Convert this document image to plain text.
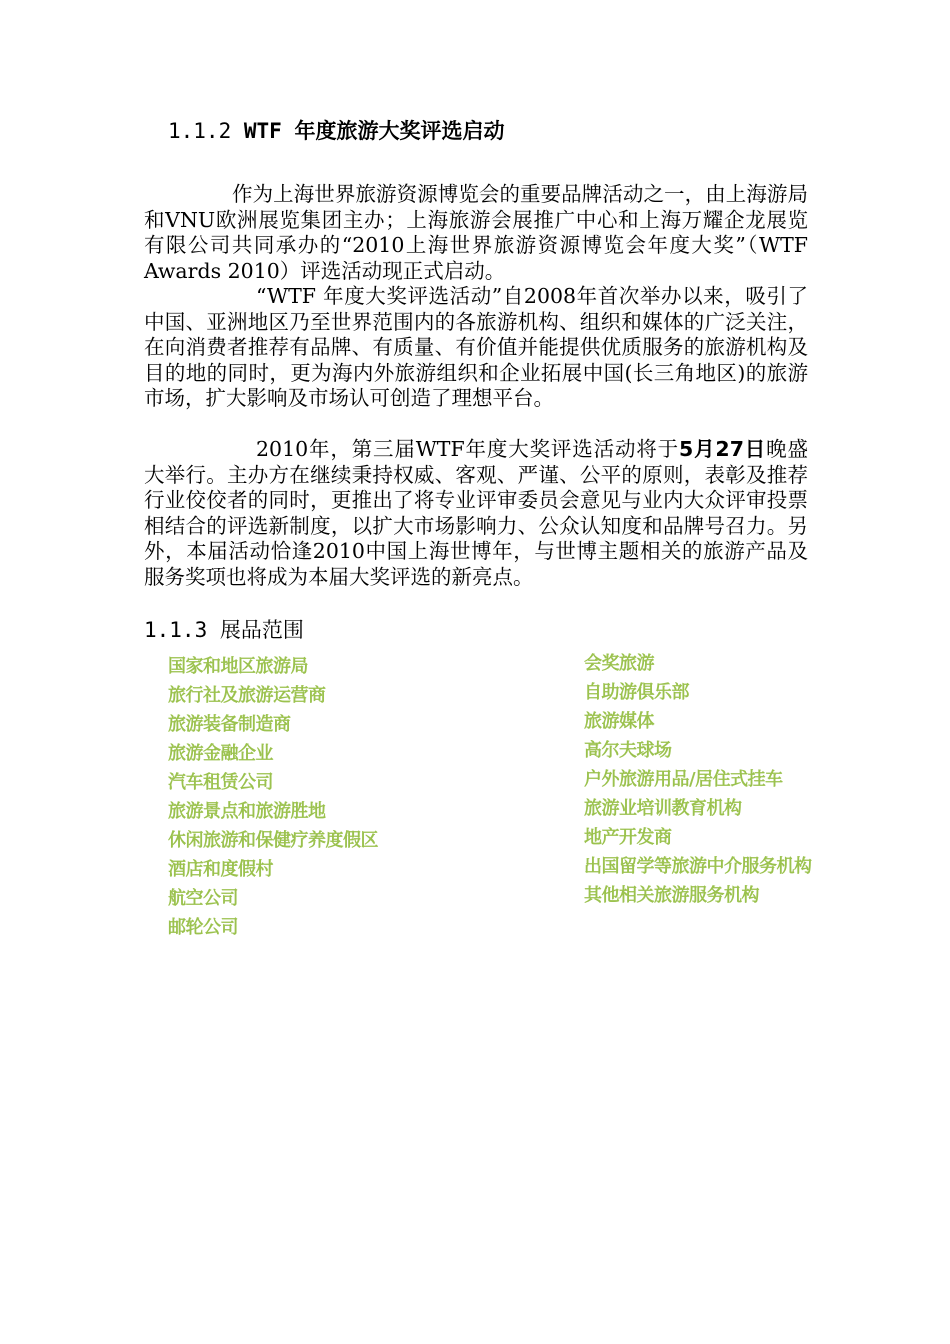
1.1.2 WTF 年度旅游大奖评选启动

作为上海世界旅游资源博览会的重要品牌活动之一，由上海游局和VNU欧洲展览集团主办；上海旅游会展推广中心和上海万耀企龙展览有限公司共同承办的“2010上海世界旅游资源博览会年度大奖”（WTF Awards 2010）评选活动现正式启动。

“WTF 年度大奖评选活动”自2008年首次举办以来，吸引了中国、亚洲地区乃至世界范围内的各旅游机构、组织和媒体的广泛关注，在向消费者推荐有品牌、有质量、有价值并能提供优质服务的旅游机构及目的地的同时，更为海内外旅游组织和企业拓展中国(长三角地区)的旅游市场，扩大影响及市场认可创造了理想平台。

2010年，第三届WTF年度大奖评选活动将于5月27日晚盛大举行。主办方在继续秉持权威、客观、严谨、公平的原则，表彰及推荐行业佼佼者的同时，更推出了将专业评审委员会意见与业内大众评审投票相结合的评选新制度，以扩大市场影响力、公众认知度和品牌号召力。另外，本届活动恰逢2010中国上海世博年，与世博主题相关的旅游产品及服务奖项也将成为本届大奖评选的新亮点。

1.1.3 展品范围
国家和地区旅游局
旅行社及旅游运营商
旅游装备制造商
旅游金融企业
汽车租赁公司
旅游景点和旅游胜地
休闲旅游和保健疗养度假区
酒店和度假村
航空公司
邮轮公司
会奖旅游
自助游俱乐部
旅游媒体
高尔夫球场
户外旅游用品/居住式挂车
旅游业培训教育机构
地产开发商
出国留学等旅游中介服务机构
其他相关旅游服务机构
